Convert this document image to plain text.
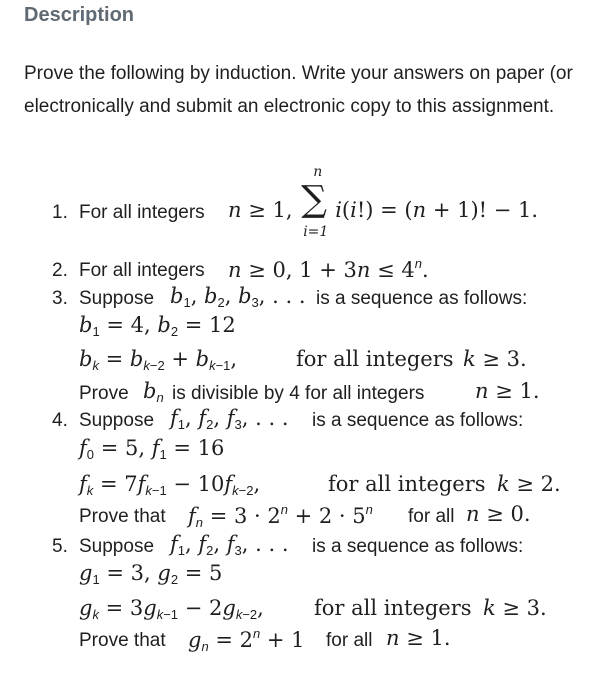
Description
Prove the following by induction. Write your answers on paper (or electronically and submit an electronic copy to this assignment.
1. For all integers n ≥ 1,
n
∑
i=1
i(i!) = (n + 1)! − 1.
2. For all integers n ≥ 0, $1 + 3n \le 4^n$.
3. Suppose $b_1$, $b_2$, $b_3$, . . . is a sequence as follows:
$b_1 = 4$, $b_2 = 12$
$b_k = b_{k-2} + b_{k-1}$,	for all integers k ≥ 3.
Prove $b_n$ is divisible by 4 for all integers n ≥ 1.
4. Suppose $f_1$, $f_2$, $f_3$, . . . is a sequence as follows:
$f_0 = 5$, $f_1 = 16$
$f_k = 7f_{k-1} - 10f_{k-2}$,	for all integers k ≥ 2.
Prove that $f_n = 3 \cdot 2^n + 2 \cdot 5^n$ for all n ≥ 0.
5. Suppose $f_1$, $f_2$, $f_3$, . . . is a sequence as follows:
$g_1 = 3$, $g_2 = 5$
$g_k = 3g_{k-1} - 2g_{k-2}$, for all integers k ≥ 3.
Prove that $g_n = 2^n + 1$ for all n ≥ 1.
